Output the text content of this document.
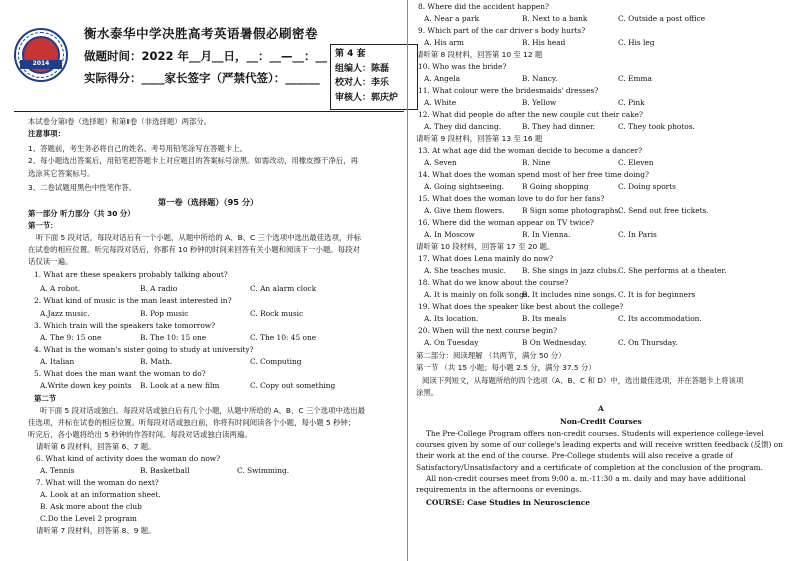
2014
衡水泰华中学决胜高考英语暑假必刷密卷
做题时间：2022 年__月__日，__：__—__：__
实际得分：____家长签字（严禁代签）：______
第 4 套
组编人：陈磊
校对人：李乐
审核人：郭庆炉
本试卷分第Ⅰ卷（选择题）和第Ⅱ卷（非选择题）两部分。
注意事项：
1、答题前，考生务必将自己的姓名、考号用铅笔涂写在答题卡上。
2、每小题选出答案后，用铅笔把答题卡上对应题目的答案标号涂黑。如需改动，用橡皮擦干净后，再
选涂其它答案标号。
3、二卷试题用黑色中性笔作答。
第一卷（选择题）（95 分）
第一部分 听力部分（共 30 分）
第一节：
听下面 5 段对话，每段对话后有一个小题，从题中所给的 A、B、C 三个选项中选出最佳选项，并标
在试卷的相应位置。听完每段对话后，你都有 10 秒钟的时间来回答有关小题和阅读下一小题。每段对
话仅读一遍。
1. What are these speakers probably talking about?
A. A robot.	B. A radio	C. An alarm clock
2. What kind of music is the man least interested in?
A.Jazz music.	B. Pop music	C. Rock music
3. Which train will the speakers take tomorrow?
A. The 9: 15 one	B. The 10: 15 one	C. The 10: 45 one
4. What is the woman's sister going to study at university?
A. Italian	B. Math.	C. Computing
5. What does the man want the woman to do?
A.Write down key points B. Look at a new film	C. Copy out something
第二节
听下面 5 段对话或独白。每段对话或独白后有几个小题，从题中所给的 A、B、C 三个选项中选出最
佳选项，并标在试卷的相应位置。听每段对话或独白前，你将有时间阅读各个小题，每小题 5 秒钟；
听完后，各小题将给出 5 秒钟的作答时间。每段对话或独白读两遍。
请听第 6 段材料，回答第 6、7 题。
6. What kind of activity does the woman do now?
A. Tennis	B. Basketball	C. Swimming.
7. What will the woman do next?
A. Look at an information sheet.
B. Ask more about the club
C.Do the Level 2 program
请听第 7 段材料，回答第 8、9 题。
8. Where did the accident happen?
A. Near a park	B. Next to a bank	C. Outside a post office
9. Which part of the car driver s body hurts?
A. His arm	B. His head	C. His leg
请听第 8 段材料，回答第 10 至 12 题
10. Who was the bride?
A. Angela	B. Nancy.	C. Emma
11. What colour were the bridesmaids' dresses?
A. White	B. Yellow	C. Pink
12. What did people do after the new couple cut their cake?
A. They did dancing.	B. They had dinner.	C. They took photos.
请听第 9 段材料，回答第 13 至 16 题
13. At what age did the woman decide to become a dancer?
A. Seven	B. Nine	C. Eleven
14. What does the woman spend most of her free time doing?
A. Going sightseeing. B Going shopping	C. Doing sports
15. What does the woman love to do for her fans?
A. Give them flowers. B Sign some photographs.
C. Send out free tickets.
16. Where did the woman appear on TV twice?
A. In Moscow	B. In Vienna.	C. In Paris
请听第 10 段材料，回答第 17 至 20 题。
17. What does Lena mainly do now?
A. She teaches music. B. She sings in jazz clubs. C. She performs at a theater.
18. What do we know about the course?
A. It is mainly on folk songs.
B. It includes nine songs. C. It is for beginners
19. What does the speaker like best about the college?
A. Its location.	B. Its meals	C. Its accommodation.
20. When will the next course begin?
A. On Tuesday	B On Wednesday.	C. On Thursday.
第二部分：阅读理解 （共两节，满分 50 分）
第一节 （共 15 小题；每小题 2.5 分，满分 37.5 分）
阅读下列短文，从每题所给的四个选项（A、B、C 和 D）中，选出最佳选项，并在答题卡上将该项
涂黑。
A
Non-Credit Courses
The Pre-College Program offers non-credit courses. Students will experience college-level courses given by some of our college's leading experts and will receive written feedback (反馈) on their work at the end of the course. Pre-College students will also receive a grade of Satisfactory/Unsatisfactory and a certificate of completion at the conclusion of the program.
All non-credit courses meet from 9:00 a. m.-11:30 a m. daily and may have additional requirements in the afternoons or evenings.
COURSE: Case Studies in Neuroscience
